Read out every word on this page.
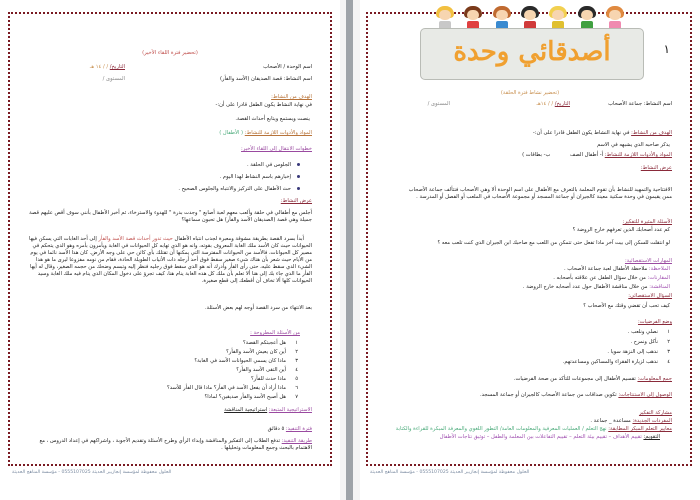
(تحضير فترة اللقاء الأخير)
اسم الوحدة / الأصحاب
التاريخ/ / / ١٤ هـ
اسم النشاط: قصة الصديقان (الأسد والفأر)
المستوى /
الهدف من النشاط:
في نهاية النشاط يكون الطفل قادرا على أن:-
ينصت ويستمع ويتابع أحداث القصة.
المواد والأدوات اللازمة للنشاط: ( الأطفال )
خطوات الانتقال إلى اللقاء الأخير:
الجلوس في الحلقة .
إخبارهم باسم النشاط لهذا اليوم .
حث الأطفال على التركيز والانتباه والجلوس الصحيح .
عرض النشاط:
أجلس مع أطفالي في حلقة وألعب معهم لعبة أصابع " وجدت بذرة " للهدوء والاسترخاء، ثم أخبر الأطفال بأنني سوف أقص عليهم قصة جميلة وهي قصة (الصديقان الأسد والفأر) هل تحبون سماعها؟
أبدأ بسرد القصة بطريقة مشوقة ومعبرة لجذب انتباه الأطفال حيث تدور أحداث قصة الأسد والفأر إلى أحد الغابات التي يسكن فيها الحيوانات حيث كان الأسد ملك الغابة المعروف بقوته، وانه هو الذي تهابه كل الحيوانات في الغابة ويأمرون بأمره وهو الذي يتحكم في مصير كل الحيوانات، فالأسد من الحيوانات المفترسة التي يمكنها أن تقتلك بأي كائن حي على وجه الأرض. كان هذا الأسد نائما في يوم من الأيام حيث شعر بأن هناك شيء صغير سقط فوق أحد أرجله ذات الأنياب الطويلة الحادة، فقام من نومه مفزوعا ليرى ما هو هذا الشيء الذي سقط عليه، حتى رأى الفأر وأدرك أنه هو الذي سقط فوق رجليه فنظر إليه وتبسم وضحك من حجمه الصغير، وقال له أيها الفأر ما الذي جاء بك إلى هنا ألا تعلم بأن ملك كل هذه الغابة ينام هنا، كيف تجرؤ على دخول المكان الذي ينام فيه ملك الغابة وسيد الحيوانات كلها ألا تخاف أن أقطعك إلى قطع صغيرة.
بعد الانتهاء من سرد القصة أوجه لهم بعض الأسئلة.
من الأسئلة المطروحة :
١هل أعجبتكم القصة؟
٢أين كان يعيش الأسد والفأر؟
٣ماذا كان يسمي الحيوانات الأسد في الغابة؟
٤أين التقى الأسد والفأر؟
٥ماذا حدث للفأر؟
٦ماذا أراد أن يفعل الأسد في الفأر؟ ماذا قال الفأر للأسد؟
٧هل أصبح الأسد والفأر صديقين؟ لماذا؟
الاستراتيجية المتبعة: استراتيجية المناقشة
فترة التنفيذ: ٥ دقائق
طريقة التنفيذ: تدفع الطلاب إلى التفكير والمناقشة وإبداء الرأي وطرح الأسئلة وتقديم الأجوبة ، واشراكهم في إعداد الدروس ، مع الاهتمام بالبحث وجمع المعلومات وتحليلها .
الحلول محفوظة لمؤسسة إنجازيير الحديثة 0555107025 - مؤسسة المناهج الحديثة
أصدقائي وحدة	١
(تحضير نشاط فترة الحلقة)
اسم النشاط: جماعة الأصحاب
التاريخ/ / / ١٤هـ
المستوى /
الهدف من النشاط: في نهاية النشاط يكون الطفل قادرا على أن:-
يذكر صاحبه الذي يشبهه في الاسم
المواد والأدوات اللازمة للنشاط: أ- أطفال الصف ب- بطاقات )
عرض النشاط:
الافتتاحية والتمهيد للنشاط بأن تقوم المعلمة بالتعرف مع الأطفال على اسم الوحدة ألا وهي الأصحاب فتتألف جماعة الأصحاب ممن يقيمون في وحدة سكنية معينة كالجيران أو جماعة المسجد أو مجموعة الأصحاب في الملعب أو الفصل أو المدرسة .
الأسئلة المثيرة للتفكير:
كم عدد أصحابك الذين تعرفهم خارج الروضة ؟
لو انتقلت للسكن إلى بيت آخر ماذا تفعل حتى تتمكن من اللعب مع صاحبك ابن الجيران الذي كنت تلعب معه ؟
المهارات الاستقصائية:
الملاحظة: ملاحظة الأطفال لعبة جماعة الأصحاب .
المقارنات: من خلال سؤال الطفل عن علاقته بأصحابه .
المناقشة: من خلال مناقشة الأطفال حول عدد أصحابه خارج الروضة .
السؤال الاستقصائي:
كيف تحب أن تقضي وقتك مع الأصحاب ؟
وضع الفرضيات:
١نصلي ونلعب .
٢نأكل ونمرح .
٣نذهب إلى النزهة سويا .
٤نذهب لزيارة الفقراء والمساكين ومساعدتهم.
جمع المعلومات: تقسيم الأطفال إلى مجموعات للتأكد من صحة الفرضيات.
الوصول إلى الاستنتاجات: تكوين صداقات من جماعة الأصحاب كالجيران أو جماعة المسجد.
مشاركة التفكير
المفردات الجديدة: مساعدة _ جماعة .
معايير التعلم المبكر المطابقة: نهج التعلم / العمليات المعرفية والمعلومات العامة/ التطور اللغوي والمعرفة المبكرة للقراءة والكتابة
التقويم: تقييم الأهداف – تقييم بيئة التعلم – تقييم التفاعلات بين المعلمة والطفل – توثيق نتاجات الأطفال
الحلول محفوظة لمؤسسة إنجازيير الحديثة 0555107025 - مؤسسة المناهج الحديثة
